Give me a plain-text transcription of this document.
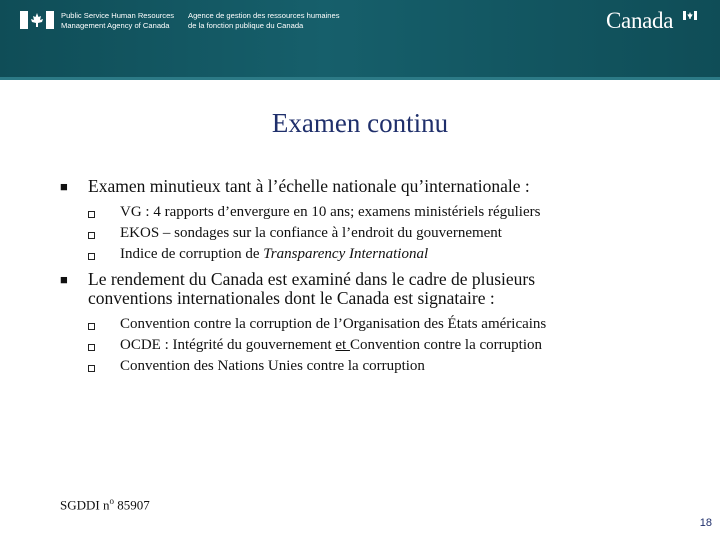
Public Service Human Resources
Management Agency of Canada
Agence de gestion des ressources humaines
de la fonction publique du Canada	Canada
Examen continu
■ Examen minutieux tant à l’échelle nationale qu’internationale :
VG : 4 rapports d’envergure en 10 ans; examens ministériels réguliers
EKOS – sondages sur la confiance à l’endroit du gouvernement
Indice de corruption de Transparency International
■ Le rendement du Canada est examiné dans le cadre de plusieurs
conventions internationales dont le Canada est signataire :
Convention contre la corruption de l’Organisation des États américains
OCDE : Intégrité du gouvernement et Convention contre la corruption
Convention des Nations Unies contre la corruption
SGDDI $n^o$ 85907
18
